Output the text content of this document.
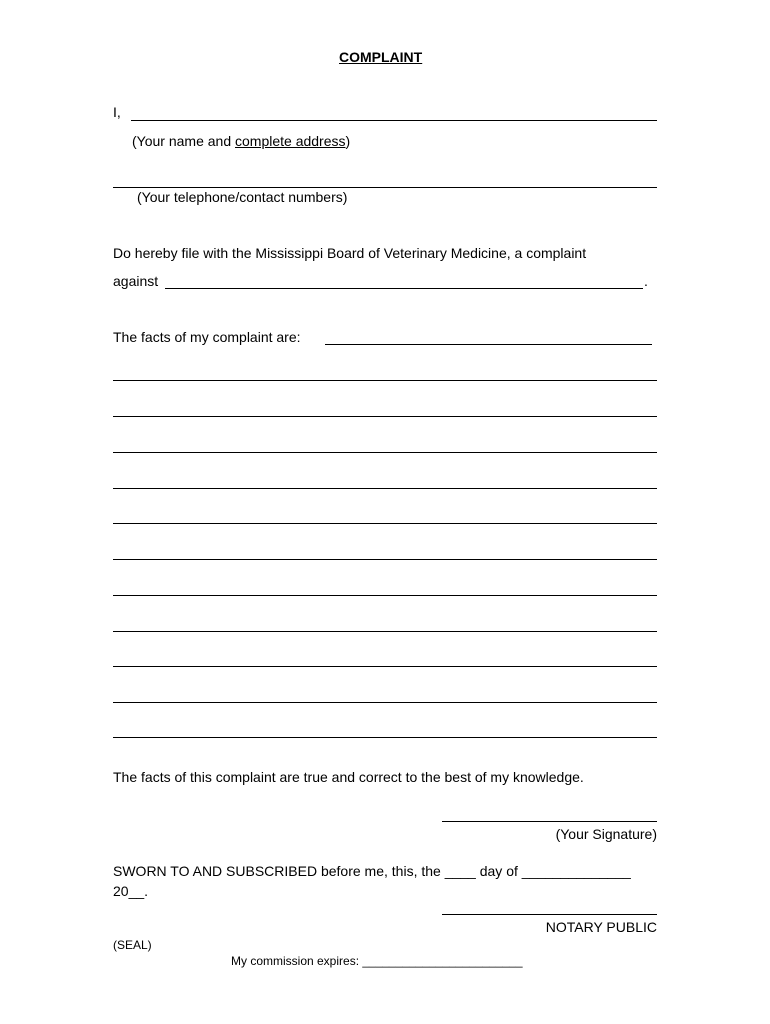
COMPLAINT
I,
(Your name and complete address)
(Your telephone/contact numbers)
Do hereby file with the Mississippi Board of Veterinary Medicine, a complaint
against	.
The facts of my complaint are:
The facts of this complaint are true and correct to the best of my knowledge.
(Your Signature)
SWORN TO AND SUBSCRIBED before me, this, the ____ day of ______________
20__.
NOTARY PUBLIC
(SEAL)
My commission expires: ________________________
